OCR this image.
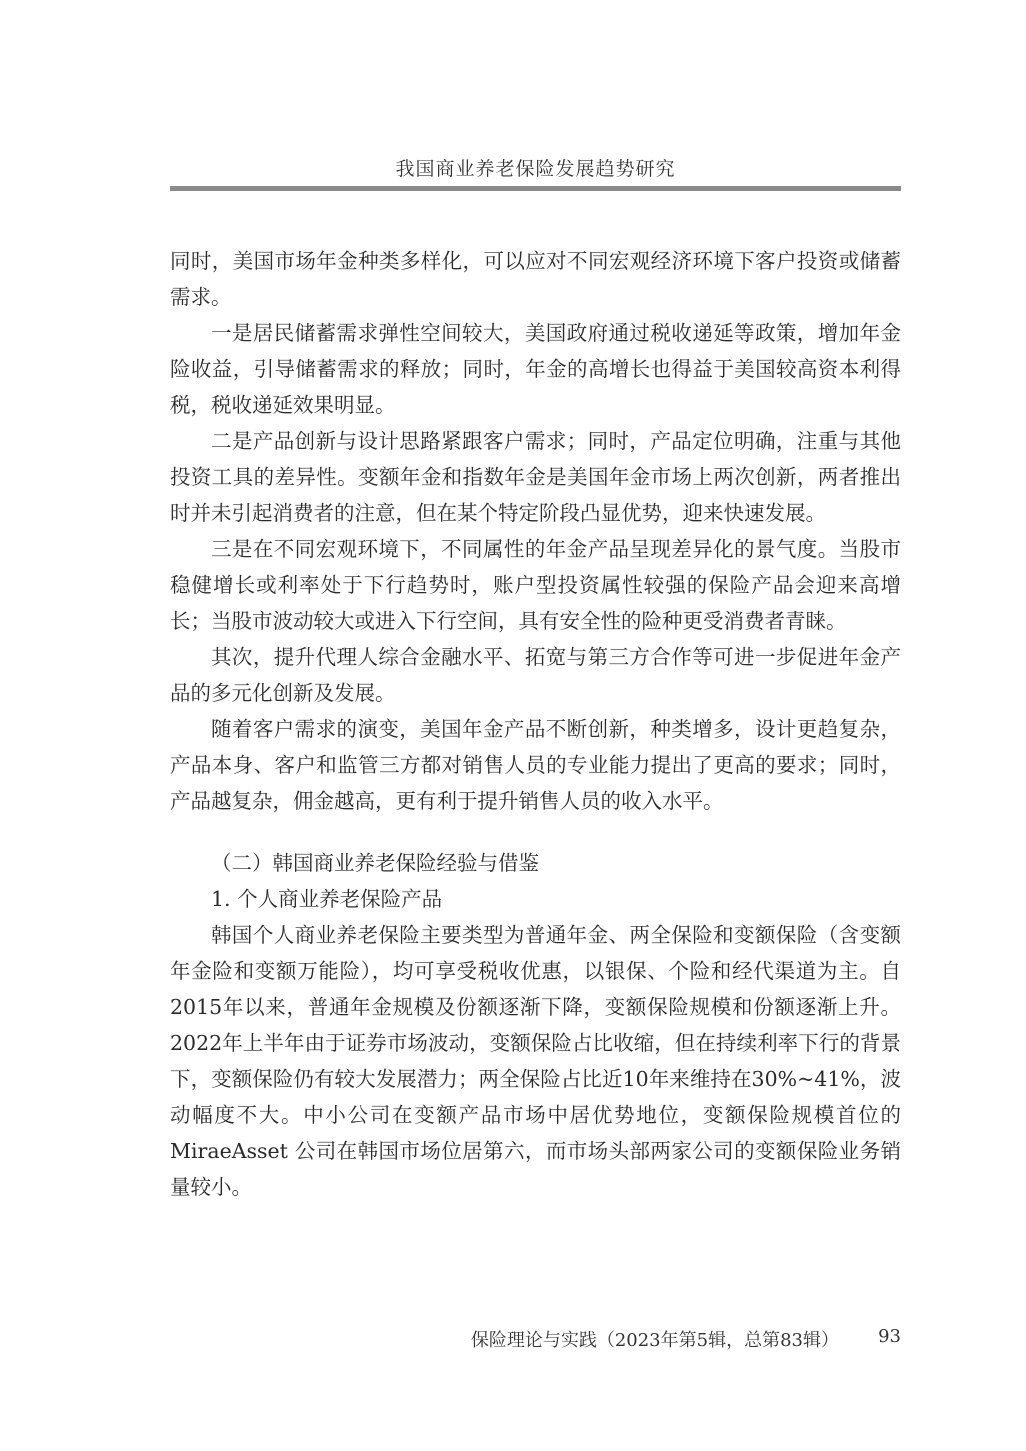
我国商业养老保险发展趋势研究

同时，美国市场年金种类多样化，可以应对不同宏观经济环境下客户投资或储蓄需求。

一是居民储蓄需求弹性空间较大，美国政府通过税收递延等政策，增加年金险收益，引导储蓄需求的释放；同时，年金的高增长也得益于美国较高资本利得税，税收递延效果明显。

二是产品创新与设计思路紧跟客户需求；同时，产品定位明确，注重与其他投资工具的差异性。变额年金和指数年金是美国年金市场上两次创新，两者推出时并未引起消费者的注意，但在某个特定阶段凸显优势，迎来快速发展。

三是在不同宏观环境下，不同属性的年金产品呈现差异化的景气度。当股市稳健增长或利率处于下行趋势时，账户型投资属性较强的保险产品会迎来高增长；当股市波动较大或进入下行空间，具有安全性的险种更受消费者青睐。

其次，提升代理人综合金融水平、拓宽与第三方合作等可进一步促进年金产品的多元化创新及发展。

随着客户需求的演变，美国年金产品不断创新，种类增多，设计更趋复杂，产品本身、客户和监管三方都对销售人员的专业能力提出了更高的要求；同时，产品越复杂，佣金越高，更有利于提升销售人员的收入水平。

（二）韩国商业养老保险经验与借鉴

1. 个人商业养老保险产品

韩国个人商业养老保险主要类型为普通年金、两全保险和变额保险（含变额年金险和变额万能险），均可享受税收优惠，以银保、个险和经代渠道为主。自2015年以来，普通年金规模及份额逐渐下降，变额保险规模和份额逐渐上升。2022年上半年由于证券市场波动，变额保险占比收缩，但在持续利率下行的背景下，变额保险仍有较大发展潜力；两全保险占比近10年来维持在30%~41%，波动幅度不大。中小公司在变额产品市场中居优势地位，变额保险规模首位的MiraeAsset 公司在韩国市场位居第六，而市场头部两家公司的变额保险业务销量较小。

保险理论与实践（2023年第5辑，总第83辑） 93
